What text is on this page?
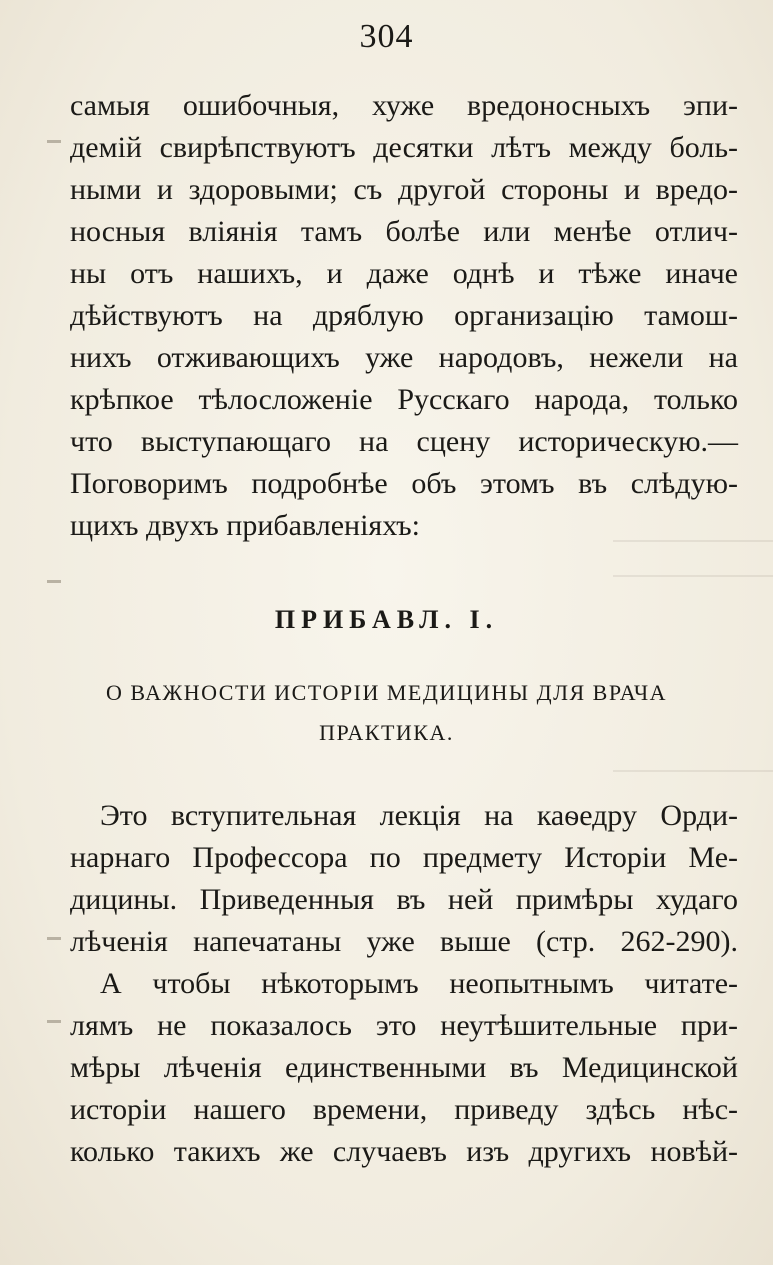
304
самыя ошибочныя, хуже вредоносныхъ эпи-
демій свирѣпствуютъ десятки лѣтъ между боль-
ными и здоровыми; съ другой стороны и вредо-
носныя вліянія тамъ болѣе или менѣе отлич-
ны отъ нашихъ, и даже однѣ и тѣже иначе
дѣйствуютъ на дряблую организацію тамош-
нихъ отживающихъ уже народовъ, нежели на
крѣпкое тѣлосложеніе Русскаго народа, только
что выступающаго на сцену историческую.—
Поговоримъ подробнѣе объ этомъ въ слѣдую-
щихъ двухъ прибавленіяхъ:
ПРИБАВЛ. I.
О ВАЖНОСТИ ИСТОРІИ МЕДИЦИНЫ ДЛЯ ВРАЧА
ПРАКТИКА.
Это вступительная лекція на каѳедру Орди-
нарнаго Профессора по предмету Исторіи Ме-
дицины. Приведенныя въ ней примѣры худаго
лѣченія напечатаны уже выше (стр. 262-290).
А чтобы нѣкоторымъ неопытнымъ читате-
лямъ не показалось это неутѣшительные при-
мѣры лѣченія единственными въ Медицинской
исторіи нашего времени, приведу здѣсь нѣс-
колько такихъ же случаевъ изъ другихъ новѣй-
